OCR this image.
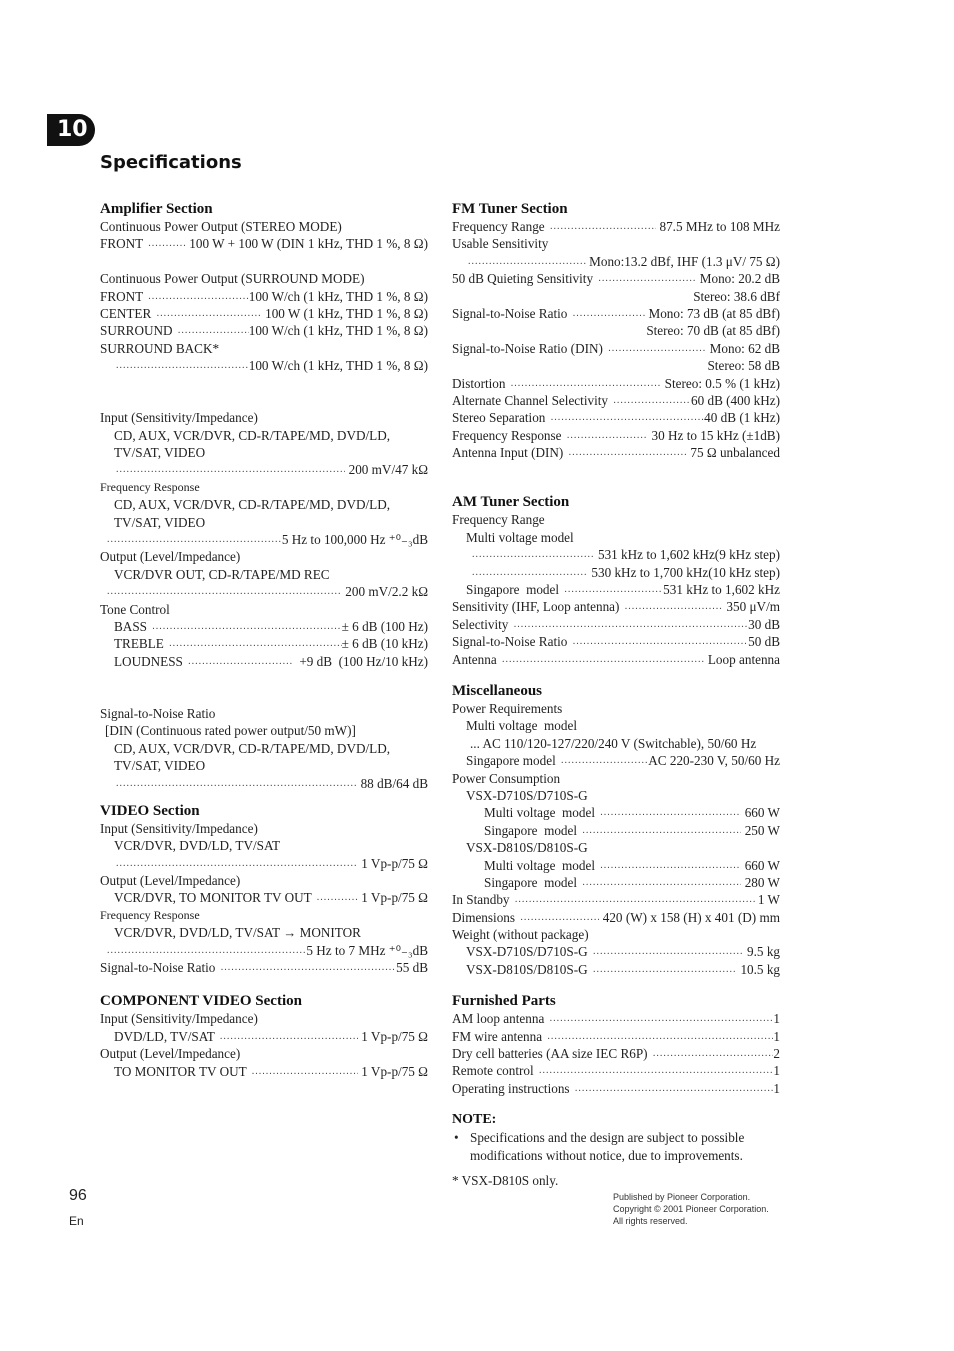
10
Specifications
Amplifier Section
Continuous Power Output (STEREO MODE)
FRONT .....	100 W + 100 W (DIN 1 kHz, THD 1 %, 8 Ω)
Continuous Power Output (SURROUND MODE)
FRONT .....	100 W/ch (1 kHz, THD 1 %, 8 Ω)
CENTER .....	100 W (1 kHz, THD 1 %, 8 Ω)
SURROUND .....	100 W/ch (1 kHz, THD 1 %, 8 Ω)
SURROUND BACK*
.....
100 W/ch (1 kHz, THD 1 %, 8 Ω)
Input (Sensitivity/Impedance)
CD, AUX, VCR/DVR, CD-R/TAPE/MD, DVD/LD,
TV/SAT, VIDEO
.....
200 mV/47 kΩ
Frequency Response
CD, AUX, VCR/DVR, CD-R/TAPE/MD, DVD/LD,
TV/SAT, VIDEO
.....
5 Hz to 100,000 Hz ⁺⁰₋₃dB
Output (Level/Impedance)
VCR/DVR OUT, CD-R/TAPE/MD REC
.....
200 mV/2.2 kΩ
Tone Control
BASS .....	± 6 dB (100 Hz)
TREBLE .....	± 6 dB (10 kHz)
LOUDNESS .....	+9 dB  (100 Hz/10 kHz)
Signal-to-Noise Ratio
[DIN (Continuous rated power output/50 mW)]
CD, AUX, VCR/DVR, CD-R/TAPE/MD, DVD/LD,
TV/SAT, VIDEO
.....
88 dB/64 dB
VIDEO Section
Input (Sensitivity/Impedance)
VCR/DVR, DVD/LD, TV/SAT
.....
1 Vp-p/75 Ω
Output (Level/Impedance)
VCR/DVR, TO MONITOR TV OUT .....	1 Vp-p/75 Ω
Frequency Response
VCR/DVR, DVD/LD, TV/SAT → MONITOR
.....
5 Hz to 7 MHz ⁺⁰₋₃dB
Signal-to-Noise Ratio .....	55 dB
COMPONENT VIDEO Section
Input (Sensitivity/Impedance)
DVD/LD, TV/SAT .....	1 Vp-p/75 Ω
Output (Level/Impedance)
TO MONITOR TV OUT .....	1 Vp-p/75 Ω
FM Tuner Section
Frequency Range .....	87.5 MHz to 108 MHz
Usable Sensitivity
.....
Mono:13.2 dBf, IHF (1.3 μV/ 75 Ω)
50 dB Quieting Sensitivity .....	Mono: 20.2 dB
Stereo: 38.6 dBf
Signal-to-Noise Ratio .....	Mono: 73 dB (at 85 dBf)
Stereo: 70 dB (at 85 dBf)
Signal-to-Noise Ratio (DIN) .....	Mono: 62 dB
Stereo: 58 dB
Distortion .....	Stereo: 0.5 % (1 kHz)
Alternate Channel Selectivity .....	60 dB (400 kHz)
Stereo Separation .....	40 dB (1 kHz)
Frequency Response .....	30 Hz to 15 kHz (±1dB)
Antenna Input (DIN) .....	75 Ω unbalanced
AM Tuner Section
Frequency Range
Multi voltage model
.....
531 kHz to 1,602 kHz(9 kHz step)
.....
530 kHz to 1,700 kHz(10 kHz step)
Singapore  model .....	531 kHz to 1,602 kHz
Sensitivity (IHF, Loop antenna) .....	350 μV/m
Selectivity .....	30 dB
Signal-to-Noise Ratio .....	50 dB
Antenna .....	Loop antenna
Miscellaneous
Power Requirements
Multi voltage  model
... AC 110/120-127/220/240 V (Switchable), 50/60 Hz
Singapore model .....	AC 220-230 V, 50/60 Hz
Power Consumption
VSX-D710S/D710S-G
Multi voltage  model .....	660 W
Singapore  model .....	250 W
VSX-D810S/D810S-G
Multi voltage  model .....	660 W
Singapore  model .....	280 W
In Standby .....	1 W
Dimensions .....	420 (W) x 158 (H) x 401 (D) mm
Weight (without package)
VSX-D710S/D710S-G .....	9.5 kg
VSX-D810S/D810S-G .....	10.5 kg
Furnished Parts
AM loop antenna .....	1
FM wire antenna .....	1
Dry cell batteries (AA size IEC R6P) .....	2
Remote control .....	1
Operating instructions .....	1
NOTE:
• Specifications and the design are subject to possible modifications without notice, due to improvements.
* VSX-D810S only.
96
En
Published by Pioneer Corporation.
Copyright © 2001 Pioneer Corporation.
All rights reserved.
